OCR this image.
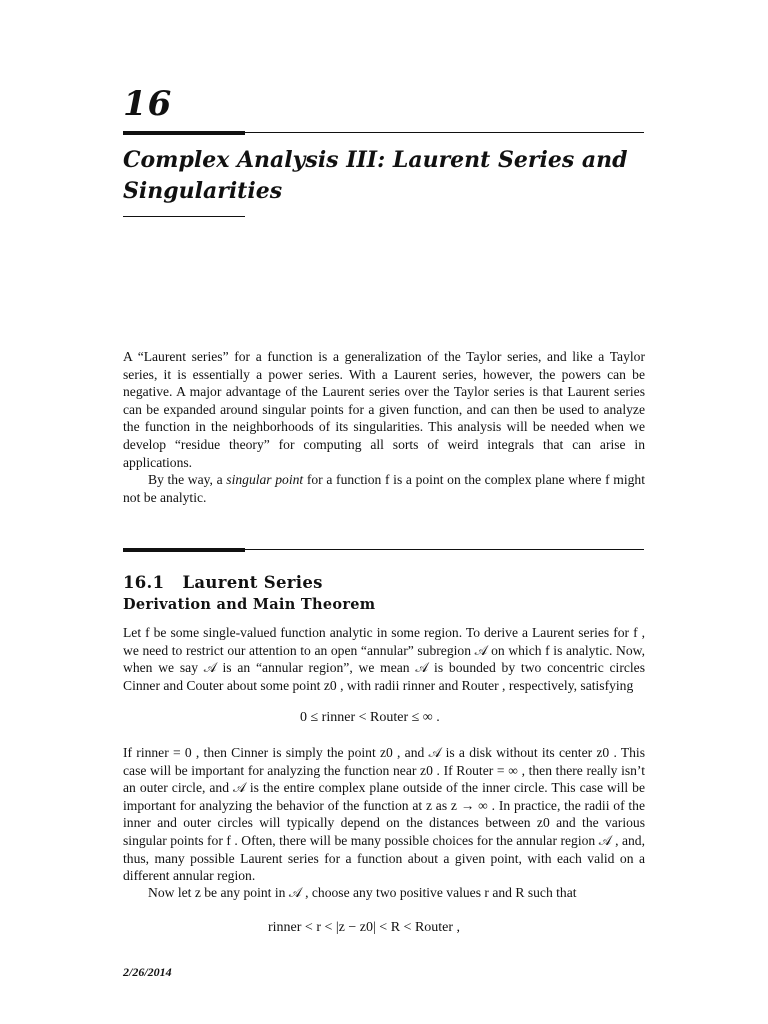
16
Complex Analysis III: Laurent Series and Singularities

A “Laurent series” for a function is a generalization of the Taylor series, and like a Taylor series, it is essentially a power series. With a Laurent series, however, the powers can be negative. A major advantage of the Laurent series over the Taylor series is that Laurent series can be expanded around singular points for a given function, and can then be used to analyze the function in the neighborhoods of its singularities. This analysis will be needed when we develop “residue theory” for computing all sorts of weird integrals that can arise in applications.

By the way, a singular point for a function f is a point on the complex plane where f might not be analytic.

16.1 Laurent Series
Derivation and Main Theorem
Let f be some single-valued function analytic in some region. To derive a Laurent series for f , we need to restrict our attention to an open “annular” subregion 𝒜 on which f is analytic. Now, when we say 𝒜 is an “annular region”, we mean 𝒜 is bounded by two concentric circles Cinner and Couter about some point z0 , with radii rinner and Router , respectively, satisfying
0 ≤ rinner < Router ≤ ∞ .
If rinner = 0 , then Cinner is simply the point z0 , and 𝒜 is a disk without its center z0 . This case will be important for analyzing the function near z0 . If Router = ∞ , then there really isn’t an outer circle, and 𝒜 is the entire complex plane outside of the inner circle. This case will be important for analyzing the behavior of the function at z as z → ∞ . In practice, the radii of the inner and outer circles will typically depend on the distances between z0 and the various singular points for f . Often, there will be many possible choices for the annular region 𝒜 , and, thus, many possible Laurent series for a function about a given point, with each valid on a different annular region.
Now let z be any point in 𝒜 , choose any two positive values r and R such that
rinner < r < |z − z0| < R < Router ,
2/26/2014
